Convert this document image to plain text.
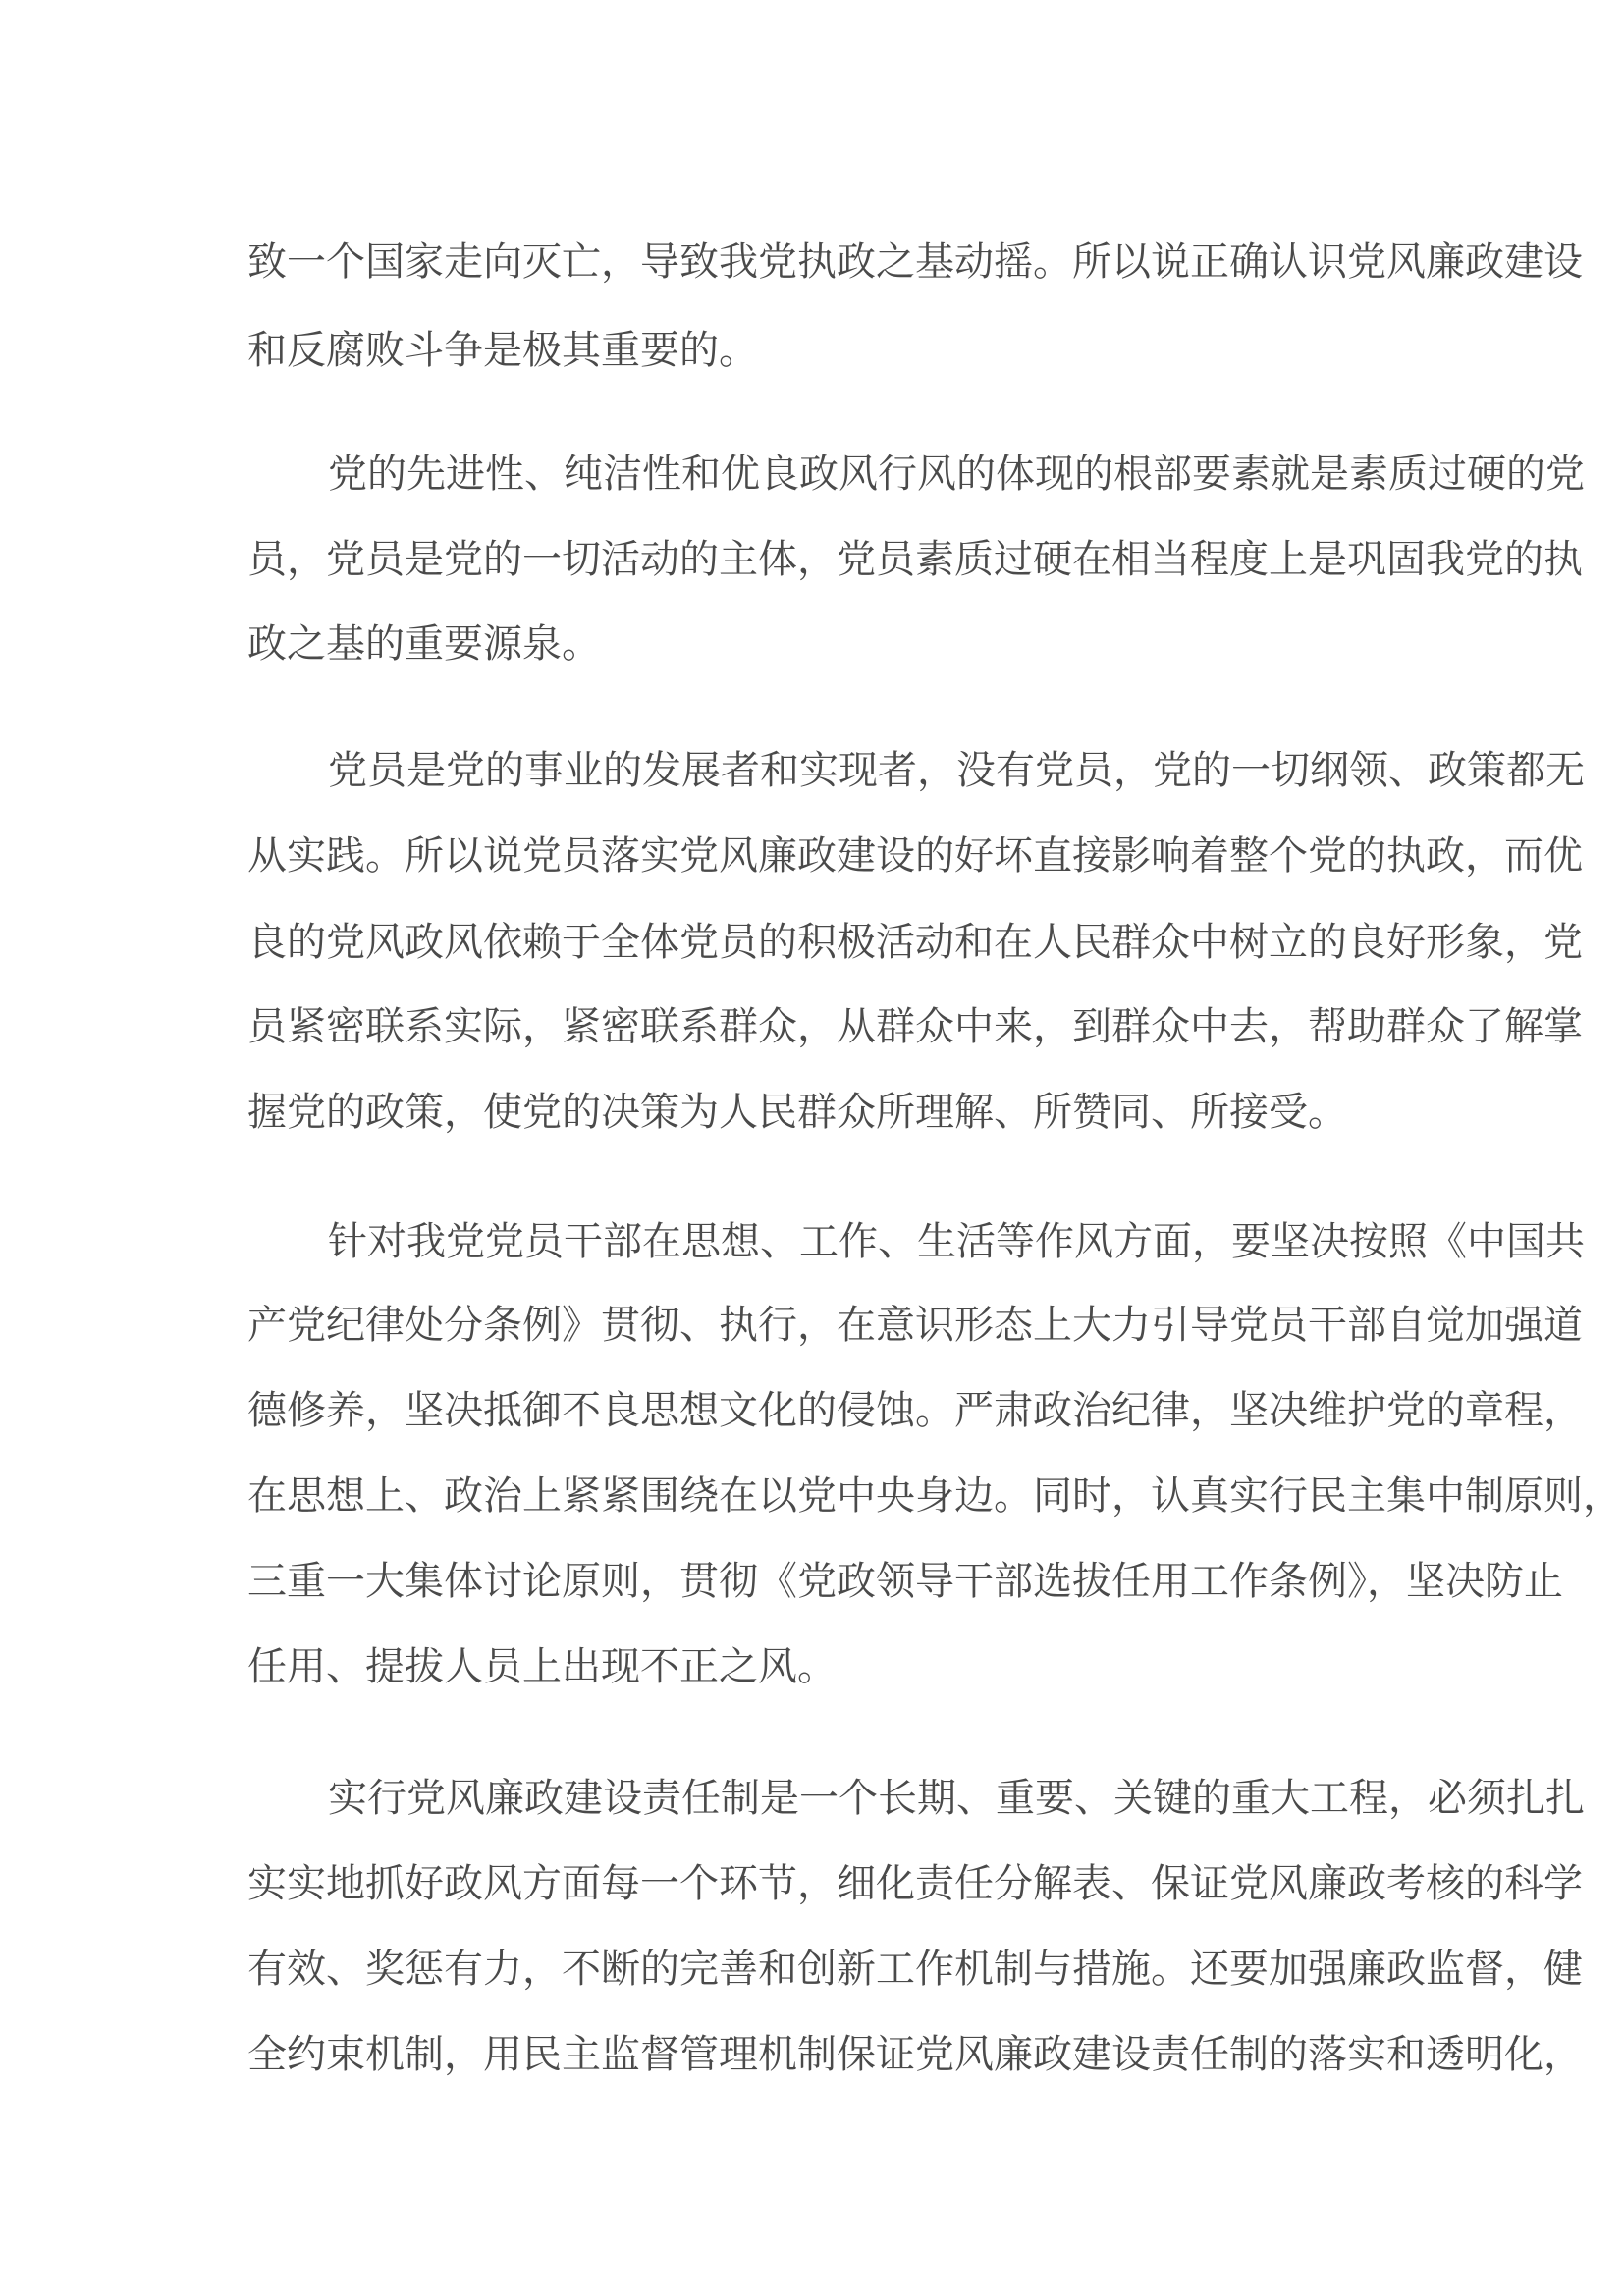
致一个国家走向灭亡，导致我党执政之基动摇。所以说正确认识党风廉政建设
和反腐败斗争是极其重要的。
党的先进性、纯洁性和优良政风行风的体现的根部要素就是素质过硬的党
员，党员是党的一切活动的主体，党员素质过硬在相当程度上是巩固我党的执
政之基的重要源泉。
党员是党的事业的发展者和实现者，没有党员，党的一切纲领、政策都无
从实践。所以说党员落实党风廉政建设的好坏直接影响着整个党的执政，而优
良的党风政风依赖于全体党员的积极活动和在人民群众中树立的良好形象，党
员紧密联系实际，紧密联系群众，从群众中来，到群众中去，帮助群众了解掌
握党的政策，使党的决策为人民群众所理解、所赞同、所接受。
针对我党党员干部在思想、工作、生活等作风方面，要坚决按照《中国共
产党纪律处分条例》贯彻、执行，在意识形态上大力引导党员干部自觉加强道
德修养，坚决抵御不良思想文化的侵蚀。严肃政治纪律，坚决维护党的章程，
在思想上、政治上紧紧围绕在以党中央身边。同时，认真实行民主集中制原则，
三重一大集体讨论原则，贯彻《党政领导干部选拔任用工作条例》，坚决防止
任用、提拔人员上出现不正之风。
实行党风廉政建设责任制是一个长期、重要、关键的重大工程，必须扎扎
实实地抓好政风方面每一个环节，细化责任分解表、保证党风廉政考核的科学
有效、奖惩有力，不断的完善和创新工作机制与措施。还要加强廉政监督，健
全约束机制，用民主监督管理机制保证党风廉政建设责任制的落实和透明化，
